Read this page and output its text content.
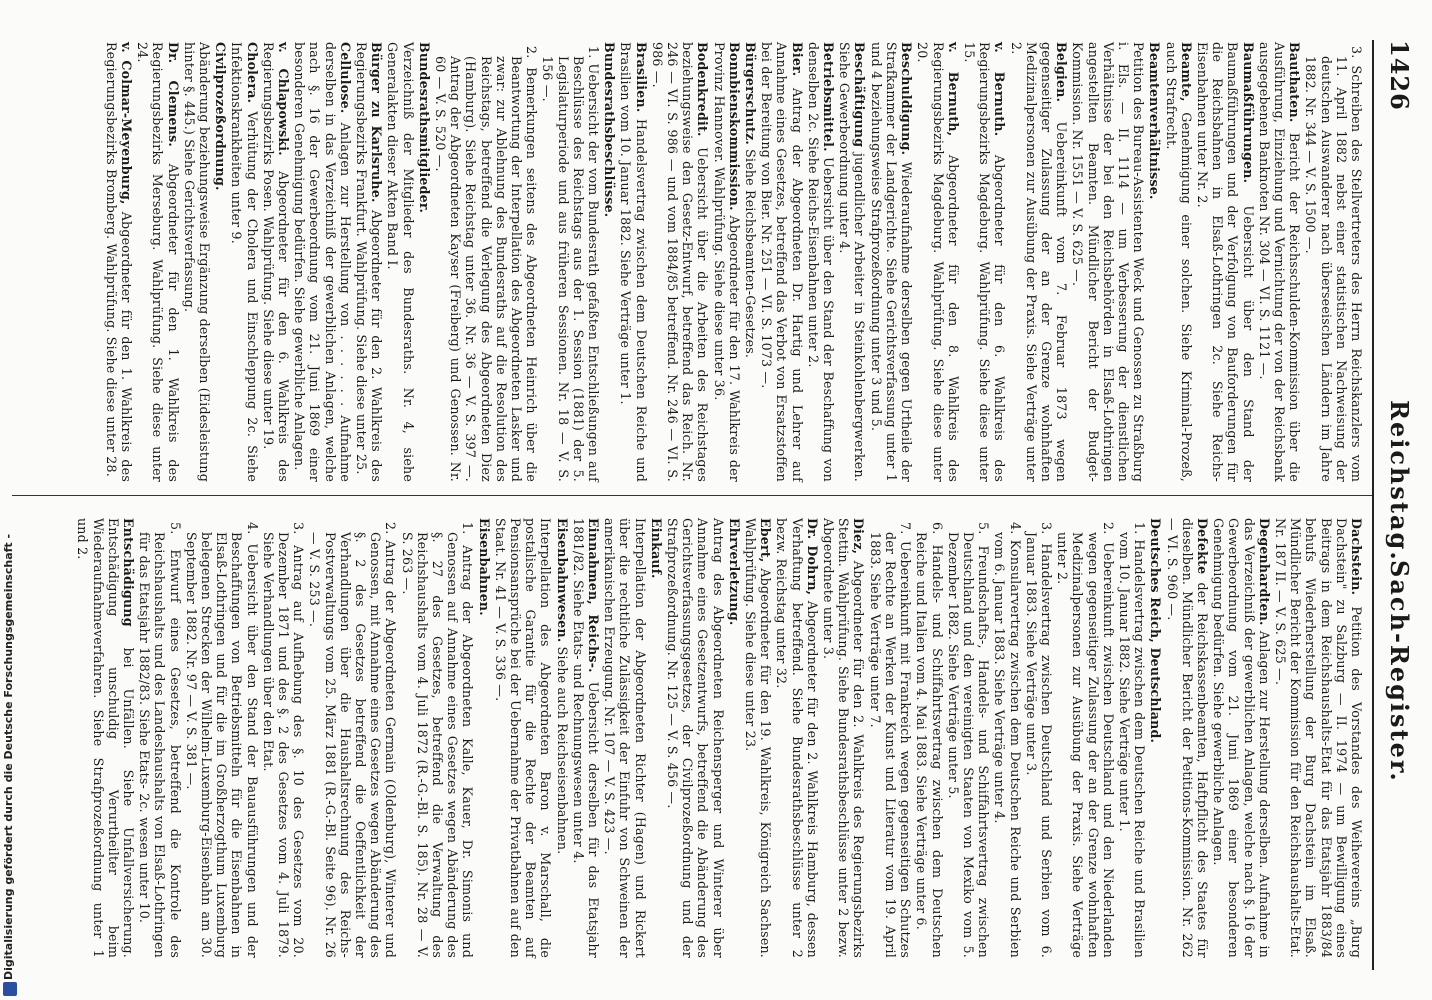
1426
Reichstag.
Sach-Register.
3. Schreiben des Stellvertreters des Herrn Reichskanzlers vom 11. April 1882 nebst einer statistischen Nachweisung der deutschen Auswanderer nach überseeischen Ländern im Jahre 1882. Nr. 344 — V. S. 1500 —.
Bauthaten. Bericht der Reichsschulden-Kommission über die Ausführung, Einziehung und Vernichtung der von der Reichsbank ausgegebenen Banknoten Nr. 304 — VI. S. 1121 —.
Baumaßführungen. Uebersicht über den Stand der Baumaßführungen und der Verfolgung von Bauforderungen für die Reichsbahnen in Elsaß-Lothringen 2c. Siehe Reichs-Eisenbahnen unter Nr. 2.
Beamte, Genehmigung einer solchen. Siehe Kriminal-Prozeß, auch Strafrecht.
Beamtenverhältnisse.
Petition des Bureau-Assistenten Weck und Genossen zu Straßburg i. Els. — II. 1114 — um Verbesserung der dienstlichen Verhältnisse der bei den Reichsbehörden in Elsaß-Lothringen angestellten Beamten. Mündlicher Bericht der Budget-Kommission. Nr. 1551 — V. S. 625 —.
Belgien. Uebereinkunft vom 7. Februar 1873 wegen gegenseitiger Zulassung der an der Grenze wohnhaften Medizinalpersonen zur Ausübung der Praxis. Siehe Verträge unter 2.
v. Bernuth. Abgeordneter für den 6. Wahlkreis des Regierungsbezirks Magdeburg. Wahlprüfung. Siehe diese unter 15.
v. Bernuth, Abgeordneter für den 8. Wahlkreis des Regierungsbezirks Magdeburg. Wahlprüfung. Siehe diese unter 20.
Beschuldigung. Wiederaufnahme derselben gegen Urtheile der Strafkammer der Landgerichte. Siehe Gerichtsverfassung unter 1 und 4 beziehungsweise Strafprozeßordnung unter 3 und 5.
Beschäftigung jugendlicher Arbeiter in Steinkohlenbergwerken. Siehe Gewerbeordnung unter 4.
Betriebsmittel. Uebersicht über den Stand der Beschaffung von denselben 2c. Siehe Reichs-Eisenbahnen unter 2.
Bier. Antrag der Abgeordneten Dr. Hartig und Lehrer auf Annahme eines Gesetzes, betreffend das Verbot von Ersatzstoffen bei der Bereitung von Bier. Nr. 251 — VI. S. 1073 —.
Bürgerschutz. Siehe Reichsbeamten-Gesetzes.
Bonnbienskommission. Abgeordneter für den 17. Wahlkreis der Provinz Hannover. Wahlprüfung. Siehe diese unter 36.
Bodenkredit. Uebersicht über die Arbeiten des Reichstages beziehungsweise den Gesetz-Entwurf, betreffend das Reich. Nr. 246 — VI. S. 986 — und vom 1884/85 betreffend. Nr. 246 — VI. S. 986 —.
Brasilien. Handelsvertrag zwischen dem Deutschen Reiche und Brasilien vom 10. Januar 1882. Siehe Verträge unter 1.
Bundesrathsbeschlüsse.
1. Uebersicht der vom Bundesrath gefaßten Entschließungen auf Beschlüsse des Reichstags aus der 1. Session (1881) der 5. Legislaturperiode und aus früheren Sessionen. Nr. 18 — V. S. 156 —.
2. Bemerkungen seitens des Abgeordneten Heinrich über die Beantwortung der Interpellation des Abgeordneten Lasker und zwar: zur Ablehnung des Bundesraths auf die Resolution des Reichstags, betreffend die Verlegung des Abgeordneten Diez (Hamburg). Siehe Reichstag unter 36. Nr. 36 — V. S. 397 —. Antrag der Abgeordneten Kayser (Freiberg) und Genossen. Nr. 60 — V. S. 520 —.
Bundesrathsmitglieder.
Verzeichniß der Mitglieder des Bundesraths. Nr. 4, siehe Generalakten dieser Akten Band I.
Bürger zu Karlsruhe. Abgeordneter für den 2. Wahlkreis des Regierungsbezirks Frankfurt. Wahlprüfung. Siehe diese unter 25.
Cellulose. Anlagen zur Herstellung von . . . . . . Aufnahme derselben in das Verzeichniß der gewerblichen Anlagen, welche nach §. 16 der Gewerbeordnung vom 21. Juni 1869 einer besonderen Genehmigung bedürfen. Siehe gewerbliche Anlagen.
v. Chlapowski. Abgeordneter für den 6. Wahlkreis des Regierungsbezirks Posen. Wahlprüfung. Siehe diese unter 19.
Cholera. Verhütung der Cholera und Einschleppung 2c. Siehe Infektionskrankheiten unter 9.
Civilprozeßordnung.
Abänderung beziehungsweise Ergänzung derselben (Eidesleistung hinter §. 445.) Siehe Gerichtsverfassung.
Dr. Clemens. Abgeordneter für den 1. Wahlkreis des Regierungsbezirks Merseburg. Wahlprüfung. Siehe diese unter 24.
v. Colmar-Meyenburg, Abgeordneter für den 1. Wahlkreis des Regierungsbezirks Bromberg. Wahlprüfung. Siehe diese unter 28.
Dachstein. Petition des Vorstandes des Weihevereins „Burg Dachstein" zu Salzburg — II. 1974 — um Bewilligung eines Beitrags in dem Reichshaushalts-Etat für das Etatsjahr 1883/84 behufs Wiederherstellung der Burg Dachstein im Elsaß. Mündlicher Bericht der Kommission für den Reichshaushalts-Etat. Nr. 187 II. — V. S. 625 —.
Degenhardten. Anlagen zur Herstellung derselben. Aufnahme in das Verzeichniß der gewerblichen Anlagen, welche nach §. 16 der Gewerbeordnung vom 21. Juni 1869 einer besonderen Genehmigung bedürfen. Siehe gewerbliche Anlagen.
Defekte der Reichskassenbeamten, Haftpflicht des Staates für dieselben. Mündlicher Bericht der Petitions-Kommission. Nr. 262 — VI. S. 960 —.
Deutsches Reich, Deutschland.
1. Handelsvertrag zwischen dem Deutschen Reiche und Brasilien vom 10. Januar 1882. Siehe Verträge unter 1.
2. Uebereinkunft zwischen Deutschland und den Niederlanden wegen gegenseitiger Zulassung der an der Grenze wohnhaften Medizinalpersonen zur Ausübung der Praxis. Siehe Verträge unter 2.
3. Handelsvertrag zwischen Deutschland und Serbien vom 6. Januar 1883. Siehe Verträge unter 3.
4. Konsularvertrag zwischen dem Deutschen Reiche und Serbien vom 6. Januar 1883. Siehe Verträge unter 4.
5. Freundschafts-, Handels- und Schiffahrtsvertrag zwischen Deutschland und den vereinigten Staaten von Mexiko vom 5. Dezember 1882. Siehe Verträge unter 5.
6. Handels- und Schiffahrtsvertrag zwischen dem Deutschen Reiche und Italien vom 4. Mai 1883. Siehe Verträge unter 6.
7. Uebereinkunft mit Frankreich wegen gegenseitigen Schutzes der Rechte an Werken der Kunst und Literatur vom 19. April 1883. Siehe Verträge unter 7.
Diez, Abgeordneter für den 2. Wahlkreis des Regierungsbezirks Stettin. Wahlprüfung. Siehe Bundesrathsbeschlüsse unter 2 bezw. Abgeordnete unter 3.
Dr. Dohrn, Abgeordneter für den 2. Wahlkreis Hamburg, dessen Verhaftung betreffend. Siehe Bundesrathsbeschlüsse unter 2 bezw. Reichstag unter 32.
Ebert, Abgeordneter für den 19. Wahlkreis, Königreich Sachsen. Wahlprüfung. Siehe diese unter 23.
Ehrverletzung.
Antrag des Abgeordneten Reichensperger und Winterer über Annahme eines Gesetzentwurfs, betreffend die Abänderung des Gerichtsverfassungsgesetzes, der Civilprozeßordnung und der Strafprozeßordnung. Nr. 125 — V. S. 456 —.
Einkauf.
Interpellation der Abgeordneten Richter (Hagen) und Rickert über die rechtliche Zulässigkeit der Einfuhr von Schweinen der amerikanischen Erzeugung. Nr. 107 — V. S. 423 —.
Einnahmen, Reichs-. Uebersicht derselben für das Etatsjahr 1881/82. Siehe Etats- und Rechnungswesen unter 4.
Eisenbahnwesen. Siehe auch Reichseisenbahnen.
Interpellation des Abgeordneten Baron v. Marschall, die postalische Garantie für die Rechte der Beamten auf Pensionsansprüche bei der Uebernahme der Privatbahnen auf den Staat. Nr. 41 — V. S. 336 —.
Eisenbahnen.
1. Antrag der Abgeordneten Kalle, Kauer, Dr. Simonis und Genossen auf Annahme eines Gesetzes wegen Abänderung des §. 27 des Gesetzes, betreffend die Verwaltung des Reichshaushalts vom 4. Juli 1872 (R.-G.-Bl. S. 185). Nr. 28 — V. S. 263 —.
2. Antrag der Abgeordneten Germain (Oldenburg), Winterer und Genossen, mit Annahme eines Gesetzes wegen Abänderung des §. 2 des Gesetzes betreffend die Oeffentlichkeit der Verhandlungen über die Haushaltsrechnung des Reichs-Postverwaltungs vom 25. März 1881 (R.-G.-Bl. Seite 96). Nr. 26 — V. S. 253 —.
3. Antrag auf Aufhebung des §. 10 des Gesetzes vom 20. Dezember 1871 und des §. 2 des Gesetzes vom 4. Juli 1879. Siehe Verhandlungen über den Etat.
4. Uebersicht über den Stand der Bauausführungen und der Beschaffungen von Betriebsmitteln für die Eisenbahnen in Elsaß-Lothringen und für die im Großherzogthum Luxemburg belegenen Strecken der Wilhelm-Luxemburg-Eisenbahn am 30. September 1882. Nr. 97 — V. S. 381 —.
5. Entwurf eines Gesetzes, betreffend die Kontrole des Reichshaushalts und des Landeshaushalts von Elsaß-Lothringen für das Etatsjahr 1882/83. Siehe Etats- 2c. wesen unter 10.
Entschädigung bei Unfällen. Siehe Unfallversicherung. Entschädigung unschuldig Verurtheilter beim Wiederaufnahmeverfahren. Siehe Strafprozeßordnung unter 1 und 2.
Digitalisierung gefördert durch die Deutsche Forschungsgemeinschaft -
